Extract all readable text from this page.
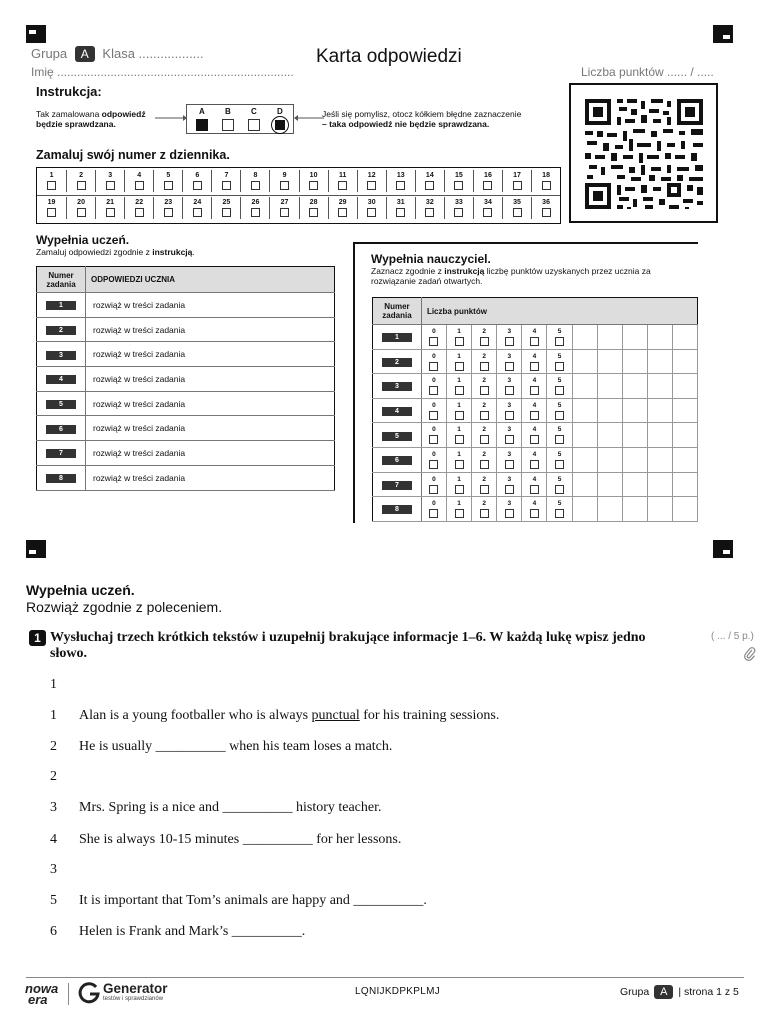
Grupa A Klasa ..................
Imię .......................................................................
Karta odpowiedzi
Liczba punktów ...... / .....
Instrukcja:
Tak zamalowana odpowiedź
będzie sprawdzana.
A	B	C	D	Jeśli się pomylisz, otocz kółkiem błędne zaznaczenie
– taka odpowiedź nie będzie sprawdzana.
Zamaluj swój numer z dziennika.
1	2	3	4	5	6	7	8	9	10	11	12	13	14	15	16	17	18
19	20	21	22	23	24	25	26	27	28	29	30	31	32	33	34	35	36
Wypełnia uczeń.
Zamaluj odpowiedzi zgodnie z instrukcją.
Numer zadania	ODPOWIEDZI UCZNIA
1	rozwiąż w treści zadania
2	rozwiąż w treści zadania
3	rozwiąż w treści zadania
4	rozwiąż w treści zadania
5	rozwiąż w treści zadania
6	rozwiąż w treści zadania
7	rozwiąż w treści zadania
8	rozwiąż w treści zadania
Wypełnia nauczyciel.
Zaznacz zgodnie z instrukcją liczbę punktów uzyskanych przez ucznia za
rozwiązanie zadań otwartych.
Numer zadania	Liczba punktów										
1	0	1	2	3	4	5

2	0	1	2	3	4	5

3	0	1	2	3	4	5

4	0	1	2	3	4	5

5	0	1	2	3	4	5

6	0	1	2	3	4	5

7	0	1	2	3	4	5

8	0	1	2	3	4	5

Wypełnia uczeń.
Rozwiąż zgodnie z poleceniem.
1 Wysłuchaj trzech krótkich tekstów i uzupełnij brakujące informacje 1–6. W każdą lukę wpisz jedno
słowo.
( ... / 5 p.)
1
1 Alan is a young footballer who is always punctual for his training sessions.
2 He is usually __________ when his team loses a match.
2
3 Mrs. Spring is a nice and __________ history teacher.
4 She is always 10-15 minutes __________ for her lessons.
3
5 It is important that Tom’s animals are happy and __________.
6 Helen is Frank and Mark’s __________.
nowa
era
Generator
testów i sprawdzianów
LQNIJKDPKPLMJ	Grupa A | strona 1 z 5
